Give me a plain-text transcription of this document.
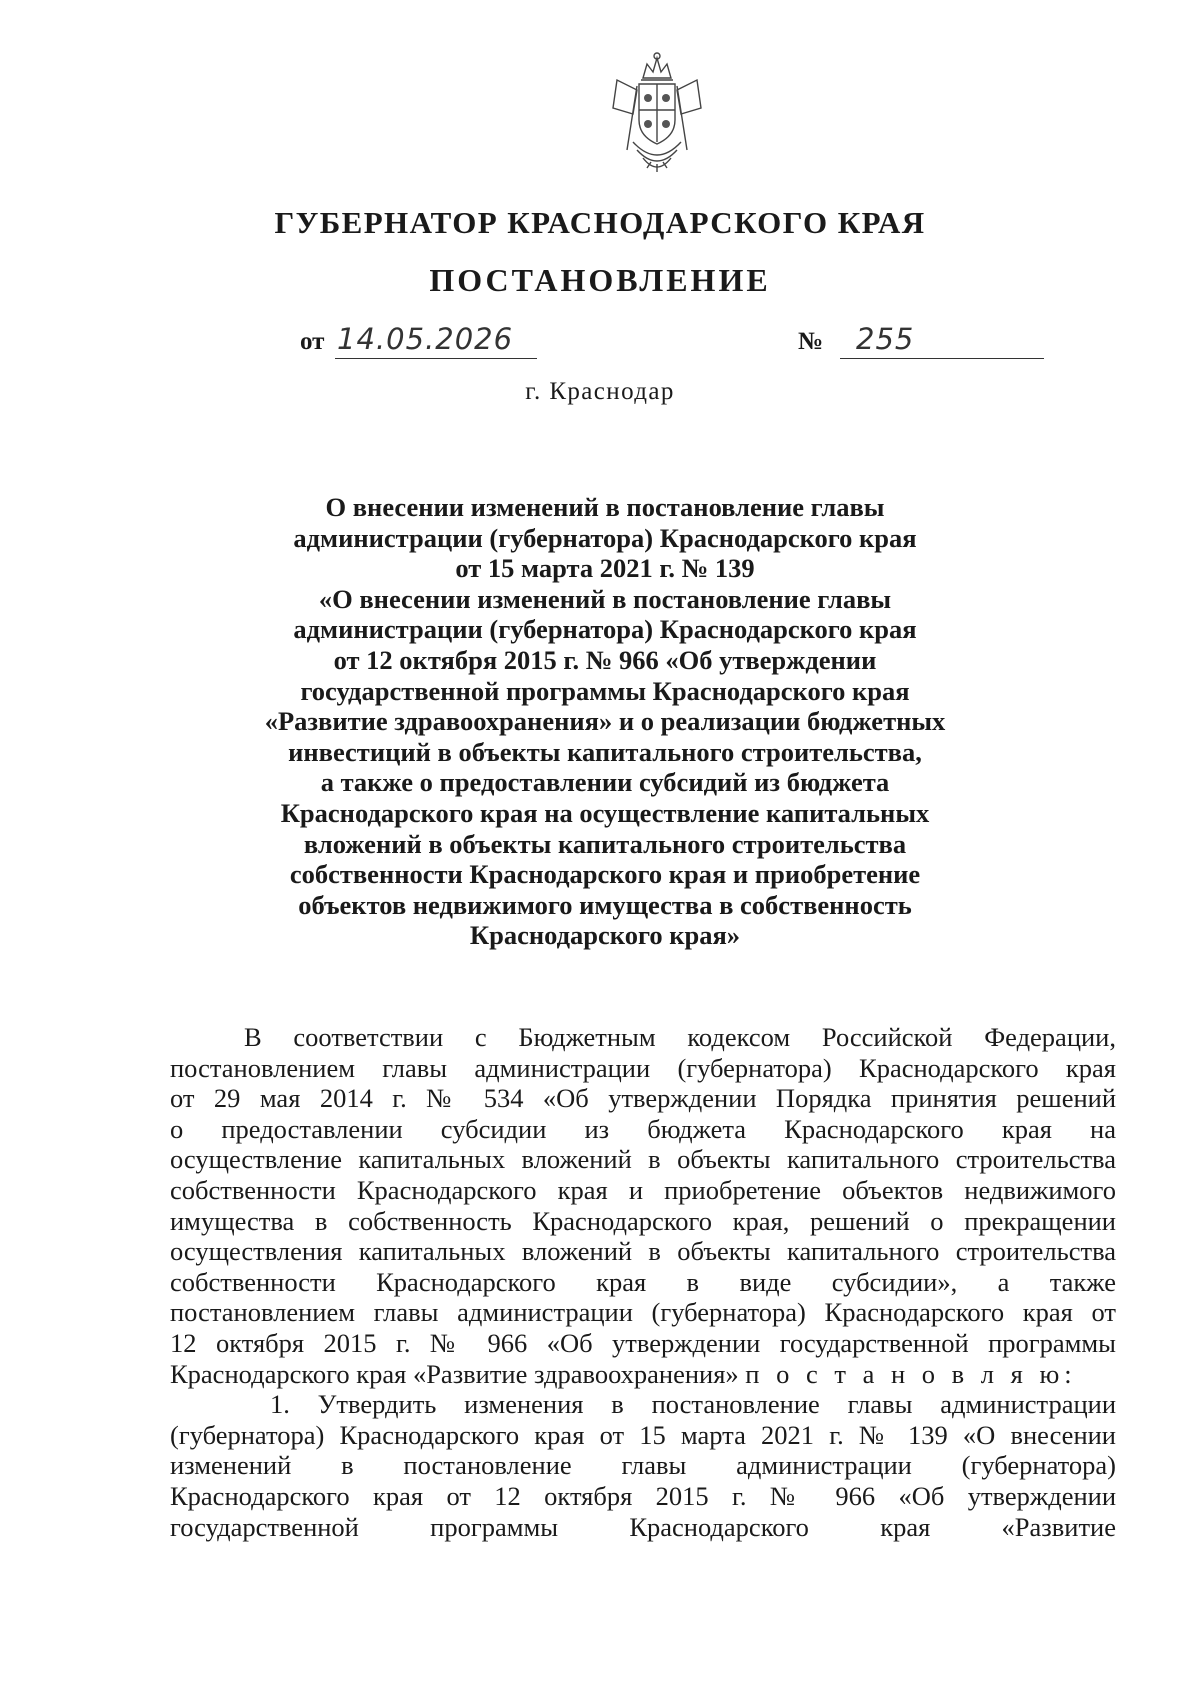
ГУБЕРНАТОР КРАСНОДАРСКОГО КРАЯ
ПОСТАНОВЛЕНИЕ
от 14.05.2026	№	255
г. Краснодар
О внесении изменений в постановление главы
администрации (губернатора) Краснодарского края
от 15 марта 2021 г. № 139
«О внесении изменений в постановление главы
администрации (губернатора) Краснодарского края
от 12 октября 2015 г. № 966 «Об утверждении
государственной программы Краснодарского края
«Развитие здравоохранения» и о реализации бюджетных
инвестиций в объекты капитального строительства,
а также о предоставлении субсидий из бюджета
Краснодарского края на осуществление капитальных
вложений в объекты капитального строительства
собственности Краснодарского края и приобретение
объектов недвижимого имущества в собственность
Краснодарского края»
В соответствии с Бюджетным кодексом Российской Федерации,
постановлением главы администрации (губернатора) Краснодарского края
от 29 мая 2014 г. № 534 «Об утверждении Порядка принятия решений
о предоставлении субсидии из бюджета Краснодарского края на
осуществление капитальных вложений в объекты капитального строительства
собственности Краснодарского края и приобретение объектов недвижимого
имущества в собственность Краснодарского края, решений о прекращении
осуществления капитальных вложений в объекты капитального строительства
собственности Краснодарского края в виде субсидии», а также
постановлением главы администрации (губернатора) Краснодарского края от
12 октября 2015 г. № 966 «Об утверждении государственной программы
Краснодарского края «Развитие здравоохранения» п о с т а н о в л я ю:
1. Утвердить изменения в постановление главы администрации
(губернатора) Краснодарского края от 15 марта 2021 г. № 139 «О внесении
изменений в постановление главы администрации (губернатора)
Краснодарского края от 12 октября 2015 г. № 966 «Об утверждении
государственной программы Краснодарского края «Развитие
